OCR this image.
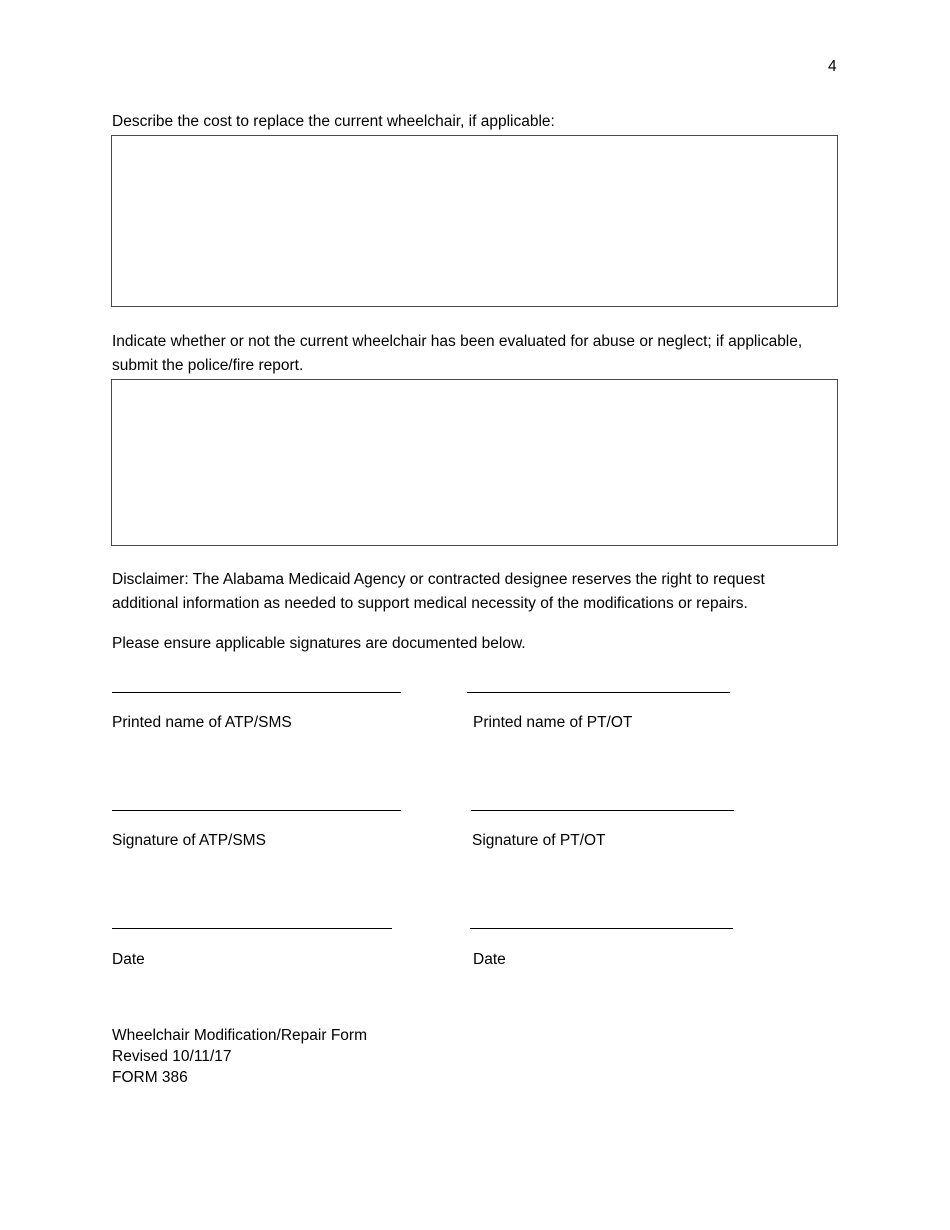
4
Describe the cost to replace the current wheelchair, if applicable:
Indicate whether or not the current wheelchair has been evaluated for abuse or neglect; if applicable,
submit the police/fire report.
Disclaimer: The Alabama Medicaid Agency or contracted designee reserves the right to request
additional information as needed to support medical necessity of the modifications or repairs.
Please ensure applicable signatures are documented below.
Printed name of ATP/SMS	Printed name of PT/OT
Signature of ATP/SMS	Signature of PT/OT
Date	Date
Wheelchair Modification/Repair Form
Revised 10/11/17
FORM 386
